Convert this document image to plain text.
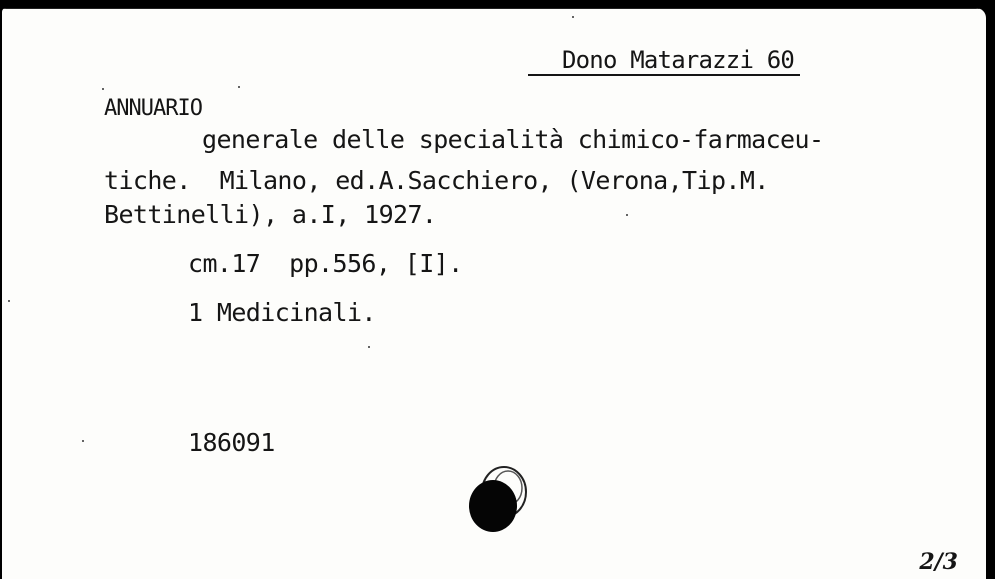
Dono Matarazzi 60
ANNUARIO
generale delle specialità chimico-farmaceu-
tiche.  Milano, ed.A.Sacchiero, (Verona,Tip.M.
Bettinelli), a.I, 1927.
cm.17  pp.556, [I].
1 Medicinali.
186091
2/3
